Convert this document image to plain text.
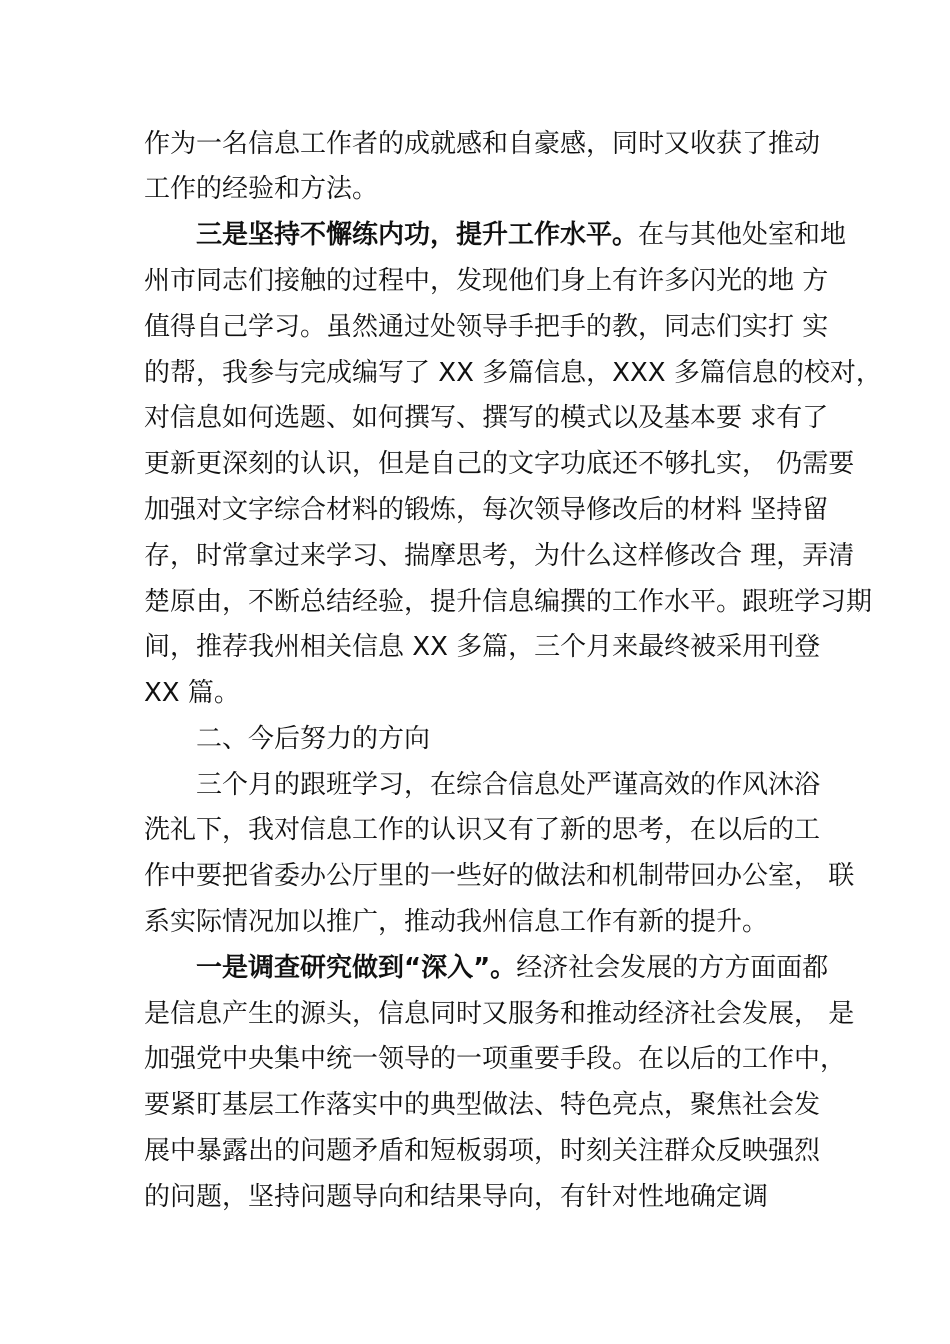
作为一名信息工作者的成就感和自豪感，同时又收获了推动
工作的经验和方法。
三是坚持不懈练内功，提升工作水平。在与其他处室和地
州市同志们接触的过程中，发现他们身上有许多闪光的地 方
值得自己学习。虽然通过处领导手把手的教，同志们实打 实
的帮，我参与完成编写了 XX 多篇信息，XXX 多篇信息的校对，
对信息如何选题、如何撰写、撰写的模式以及基本要 求有了
更新更深刻的认识，但是自己的文字功底还不够扎实， 仍需要
加强对文字综合材料的锻炼，每次领导修改后的材料 坚持留
存，时常拿过来学习、揣摩思考，为什么这样修改合 理，弄清
楚原由，不断总结经验，提升信息编撰的工作水平。跟班学习期
间，推荐我州相关信息 XX 多篇，三个月来最终被采用刊登
XX 篇。
二、今后努力的方向
三个月的跟班学习，在综合信息处严谨高效的作风沐浴
洗礼下，我对信息工作的认识又有了新的思考，在以后的工
作中要把省委办公厅里的一些好的做法和机制带回办公室， 联
系实际情况加以推广，推动我州信息工作有新的提升。
一是调查研究做到“深入”。经济社会发展的方方面面都
是信息产生的源头，信息同时又服务和推动经济社会发展， 是
加强党中央集中统一领导的一项重要手段。在以后的工作中，
要紧盯基层工作落实中的典型做法、特色亮点，聚焦社会发
展中暴露出的问题矛盾和短板弱项，时刻关注群众反映强烈
的问题，坚持问题导向和结果导向，有针对性地确定调
